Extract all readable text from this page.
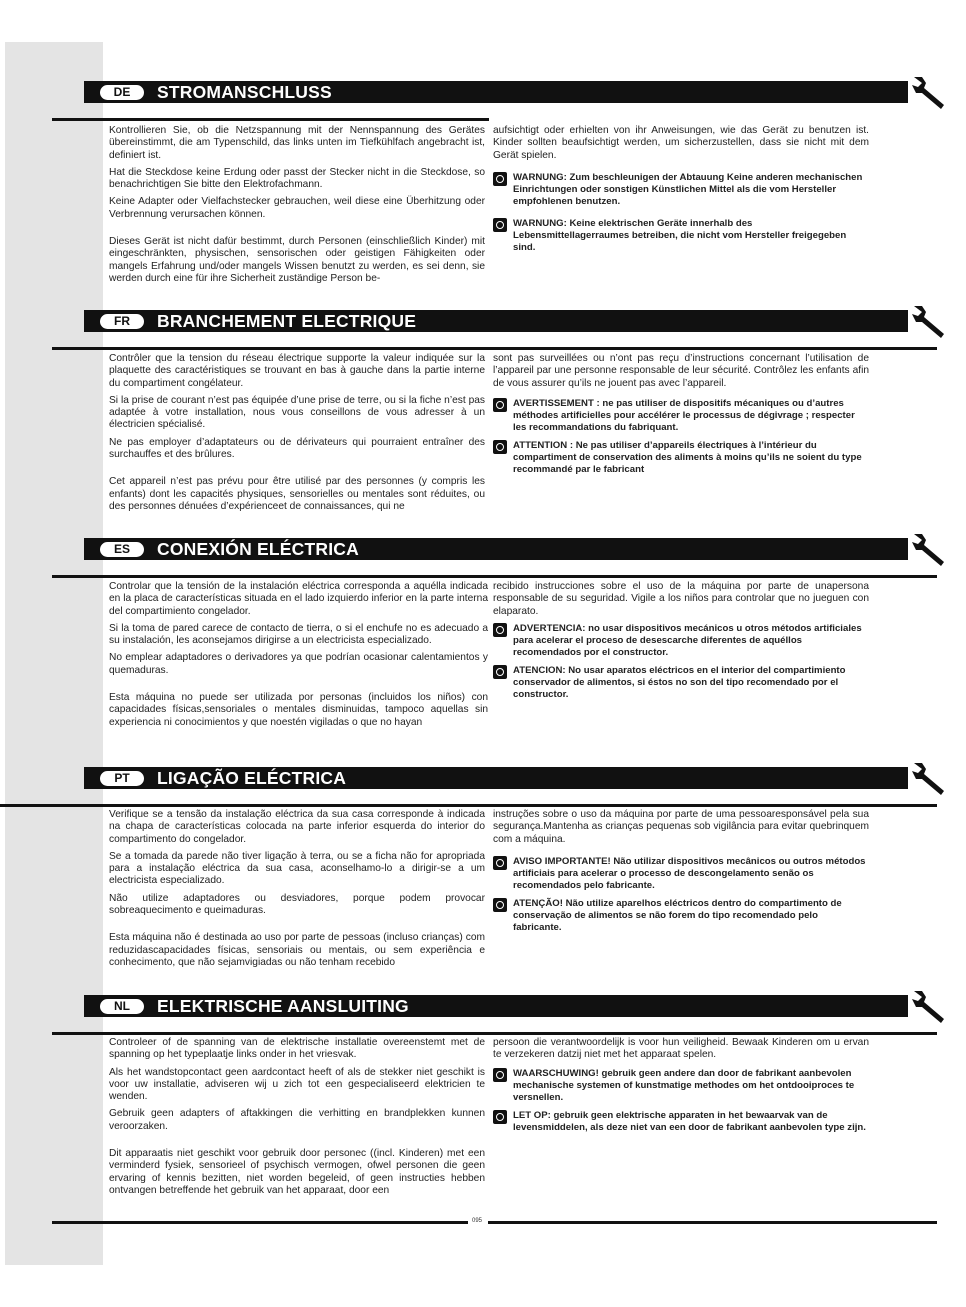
DE	STROMANSCHLUSS	21

Kontrollieren Sie, ob die Netzspannung mit der Nennspannung des Gerätes übereinstimmt, die am Typenschild, das links unten im Tiefkühlfach angebracht ist, definiert ist.

Hat die Steckdose keine Erdung oder passt der Stecker nicht in die Steckdose, so benachrichtigen Sie bitte den Elektrofachmann.

Keine Adapter oder Vielfachstecker gebrauchen, weil diese eine Überhitzung oder Verbrennung verursachen können.

Dieses Gerät ist nicht dafür bestimmt, durch Personen (einschließlich Kinder) mit eingeschränkten, physischen, sensorischen oder geistigen Fähigkeiten oder mangels Erfahrung und/oder mangels Wissen benutzt zu werden, es sei denn, sie werden durch eine für ihre Sicherheit zuständige Person be-

aufsichtigt oder erhielten von ihr Anweisungen, wie das Gerät zu benutzen ist. Kinder sollten beaufsichtigt werden, um sicherzustellen, dass sie nicht mit dem Gerät spielen.

WARNUNG: Zum beschleunigen der Abtauung Keine anderen mechanischen Einrichtungen oder sonstigen Künstlichen Mittel als die vom Hersteller empfohlenen benutzen.
WARNUNG: Keine elektrischen Geräte innerhalb des Lebensmittellagerraumes betreiben, die nicht vom Hersteller freigegeben sind.
FR	BRANCHEMENT ELECTRIQUE

Contrôler que la tension du réseau électrique supporte la valeur indiquée sur la plaquette des caractéristiques se trouvant en bas à gauche dans la partie interne du compartiment congélateur.

Si la prise de courant n’est pas équipée d’une prise de terre, ou si la fiche n’est pas adaptée à votre installation, nous vous conseillons de vous adresser à un électricien spécialisé.

Ne pas employer d’adaptateurs ou de dérivateurs qui pourraient entraîner des surchauffes et des brûlures.

Cet appareil n’est pas prévu pour être utilisé par des personnes (y compris les enfants) dont les capacités physiques, sensorielles ou mentales sont réduites, ou des personnes dénuées d’expérienceet de connaissances, qui ne

sont pas surveillées ou n’ont pas reçu d’instructions concernant l’utilisation de l’appareil par une personne responsable de leur sécurité. Contrôlez les enfants afin de vous assurer qu’ils ne jouent pas avec l’appareil.

AVERTISSEMENT : ne pas utiliser de dispositifs mécaniques ou d’autres méthodes artificielles pour accélérer le processus de dégivrage ; respecter les recommandations du fabriquant.
ATTENTION : Ne pas utiliser d’appareils électriques à l’intérieur du compartiment de conservation des aliments à moins qu’ils ne soient du type recommandé par le fabricant
ES	CONEXIÓN ELÉCTRICA

Controlar que la tensión de la instalación eléctrica corresponda a aquélla indicada en la placa de características situada en el lado izquierdo inferior en la parte interna del compartimiento congelador.

Si la toma de pared carece de contacto de tierra, o si el enchufe no es adecuado a su instalación, les aconsejamos dirigirse a un electricista especializado.

No emplear adaptadores o derivadores ya que podrían ocasionar calentamientos y quemaduras.

Esta máquina no puede ser utilizada por personas (incluidos los niños) con capacidades físicas,sensoriales o mentales disminuidas, tampoco aquellas sin experiencia ni conocimientos y que noestén vigiladas o que no hayan

recibido instrucciones sobre el uso de la máquina por parte de unapersona responsable de su seguridad. Vigile a los niños para controlar que no jueguen con elaparato.

ADVERTENCIA: no usar dispositivos mecánicos u otros métodos artificiales para acelerar el proceso de desescarche diferentes de aquéllos recomendados por el constructor.
ATENCION: No usar aparatos eléctricos en el interior del compartimiento conservador de alimentos, si éstos no son del tipo recomendado por el constructor.
PT	LIGAÇÃO ELÉCTRICA

Verifique se a tensão da instalação eléctrica da sua casa corresponde à indicada na chapa de características colocada na parte inferior esquerda do interior do compartimento do congelador.

Se a tomada da parede não tiver ligação à terra, ou se a ficha não for apropriada para a instalação eléctrica da sua casa, aconselhamo-lo a dirigir-se a um electricista especializado.

Não utilize adaptadores ou desviadores, porque podem provocar sobreaquecimento e queimaduras.

Esta máquina não é destinada ao uso por parte de pessoas (incluso crianças) com reduzidascapacidades físicas, sensoriais ou mentais, ou sem experiência e conhecimento, que não sejamvigiadas ou não tenham recebido

instruções sobre o uso da máquina por parte de uma pessoaresponsável pela sua segurança.Mantenha as crianças pequenas sob vigilância para evitar quebrinquem com a máquina.

AVISO IMPORTANTE! Não utilizar dispositivos mecânicos ou outros métodos artificiais para acelerar o processo de descongelamento senão os recomendados pelo fabricante.
ATENÇÃO! Não utilize aparelhos eléctricos dentro do compartimento de conservação de alimentos se não forem do tipo recomendado pelo fabricante.
NL	ELEKTRISCHE AANSLUITING

Controleer of de spanning van de elektrische installatie overeenstemt met de spanning op het typeplaatje links onder in het vriesvak.

Als het wandstopcontact geen aardcontact heeft of als de stekker niet geschikt is voor uw installatie, adviseren wij u zich tot een gespecialiseerd elektricien te wenden.

Gebruik geen adapters of aftakkingen die verhitting en brandplekken kunnen veroorzaken.

Dit apparaatis niet geschikt voor gebruik door personec ((incl. Kinderen) met een verminderd fysiek, sensorieel of psychisch vermogen, ofwel personen die geen ervaring of kennis bezitten, niet worden begeleid, of geen instructies hebben ontvangen betreffende het gebruik van het apparaat, door een

persoon die verantwoordelijk is voor hun veiligheid. Bewaak Kinderen om u ervan te verzekeren datzij niet met het apparaat spelen.

WAARSCHUWING! gebruik geen andere dan door de fabrikant aanbevolen mechanische systemen of kunstmatige methodes om het ontdooiproces te versnellen.
LET OP: gebruik geen elektrische apparaten in het bewaarvak van de levensmiddelen, als deze niet van een door de fabrikant aanbevolen type zijn.
095
